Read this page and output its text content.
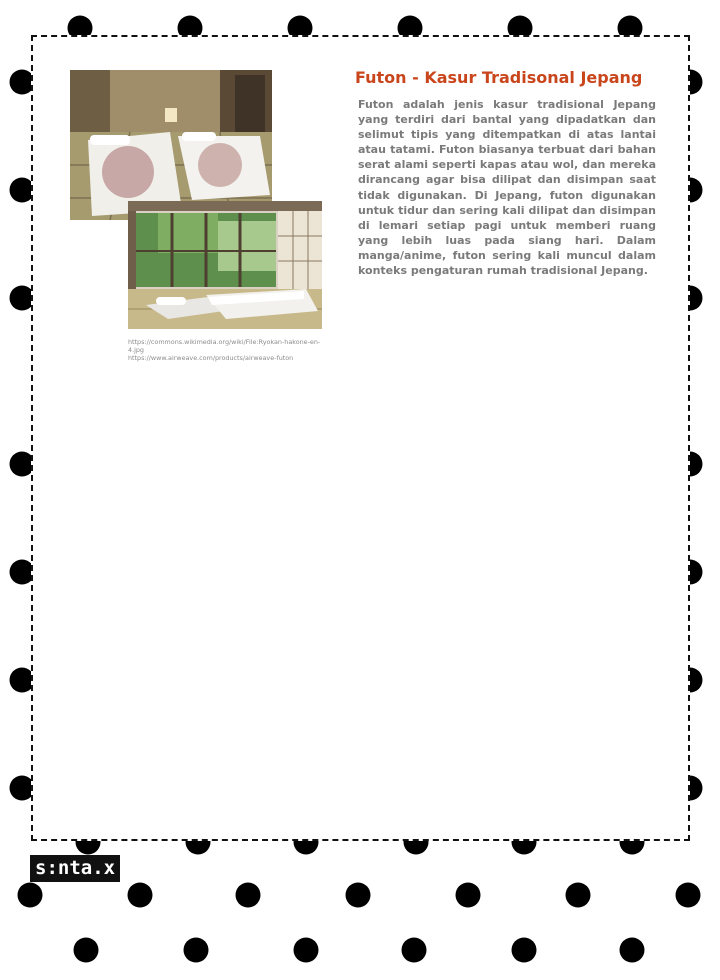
https://commons.wikimedia.org/wiki/File:Ryokan-hakone-en-4.jpg
https://www.airweave.com/products/airweave-futon
Futon - Kasur Tradisonal Jepang

Futon adalah jenis kasur tradisional Jepang yang terdiri dari bantal yang dipadatkan dan selimut tipis yang ditempatkan di atas lantai atau tatami. Futon biasanya terbuat dari bahan serat alami seperti kapas atau wol, dan mereka dirancang agar bisa dilipat dan disimpan saat tidak digunakan. Di Jepang, futon digunakan untuk tidur dan sering kali dilipat dan disimpan di lemari setiap pagi untuk memberi ruang yang lebih luas pada siang hari. Dalam manga/anime, futon sering kali muncul dalam konteks pengaturan rumah tradisional Jepang.

s:nta.x
